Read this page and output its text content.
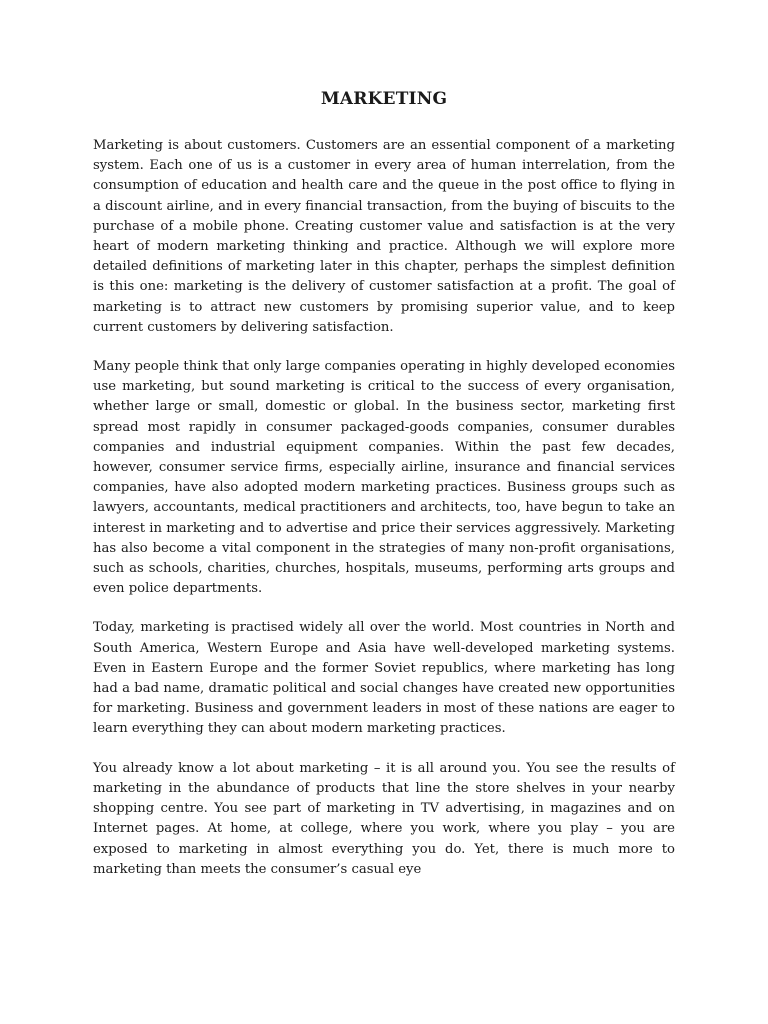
MARKETING

Marketing is about customers. Customers are an essential component of a marketing system. Each one of us is a customer in every area of human interrelation, from the consumption of education and health care and the queue in the post office to flying in a discount airline, and in every financial transaction, from the buying of biscuits to the purchase of a mobile phone. Creating customer value and satisfaction is at the very heart of modern marketing thinking and practice. Although we will explore more detailed definitions of marketing later in this chapter, perhaps the simplest definition is this one: marketing is the delivery of customer satisfaction at a profit. The goal of marketing is to attract new customers by promising superior value, and to keep current customers by delivering satisfaction.

Many people think that only large companies operating in highly developed economies use marketing, but sound marketing is critical to the success of every organisation, whether large or small, domestic or global. In the business sector, marketing first spread most rapidly in consumer packaged-goods companies, consumer durables companies and industrial equipment companies. Within the past few decades, however, consumer service firms, especially airline, insurance and financial services companies, have also adopted modern marketing practices. Business groups such as lawyers, accountants, medical practitioners and architects, too, have begun to take an interest in marketing and to advertise and price their services aggressively. Marketing has also become a vital component in the strategies of many non-profit organisations, such as schools, charities, churches, hospitals, museums, performing arts groups and even police departments.

Today, marketing is practised widely all over the world. Most countries in North and South America, Western Europe and Asia have well-developed marketing systems. Even in Eastern Europe and the former Soviet republics, where marketing has long had a bad name, dramatic political and social changes have created new opportunities for marketing. Business and government leaders in most of these nations are eager to learn everything they can about modern marketing practices.

You already know a lot about marketing – it is all around you. You see the results of marketing in the abundance of products that line the store shelves in your nearby shopping centre. You see part of marketing in TV advertising, in magazines and on Internet pages. At home, at college, where you work, where you play – you are exposed to marketing in almost everything you do. Yet, there is much more to marketing than meets the consumer’s casual eye
